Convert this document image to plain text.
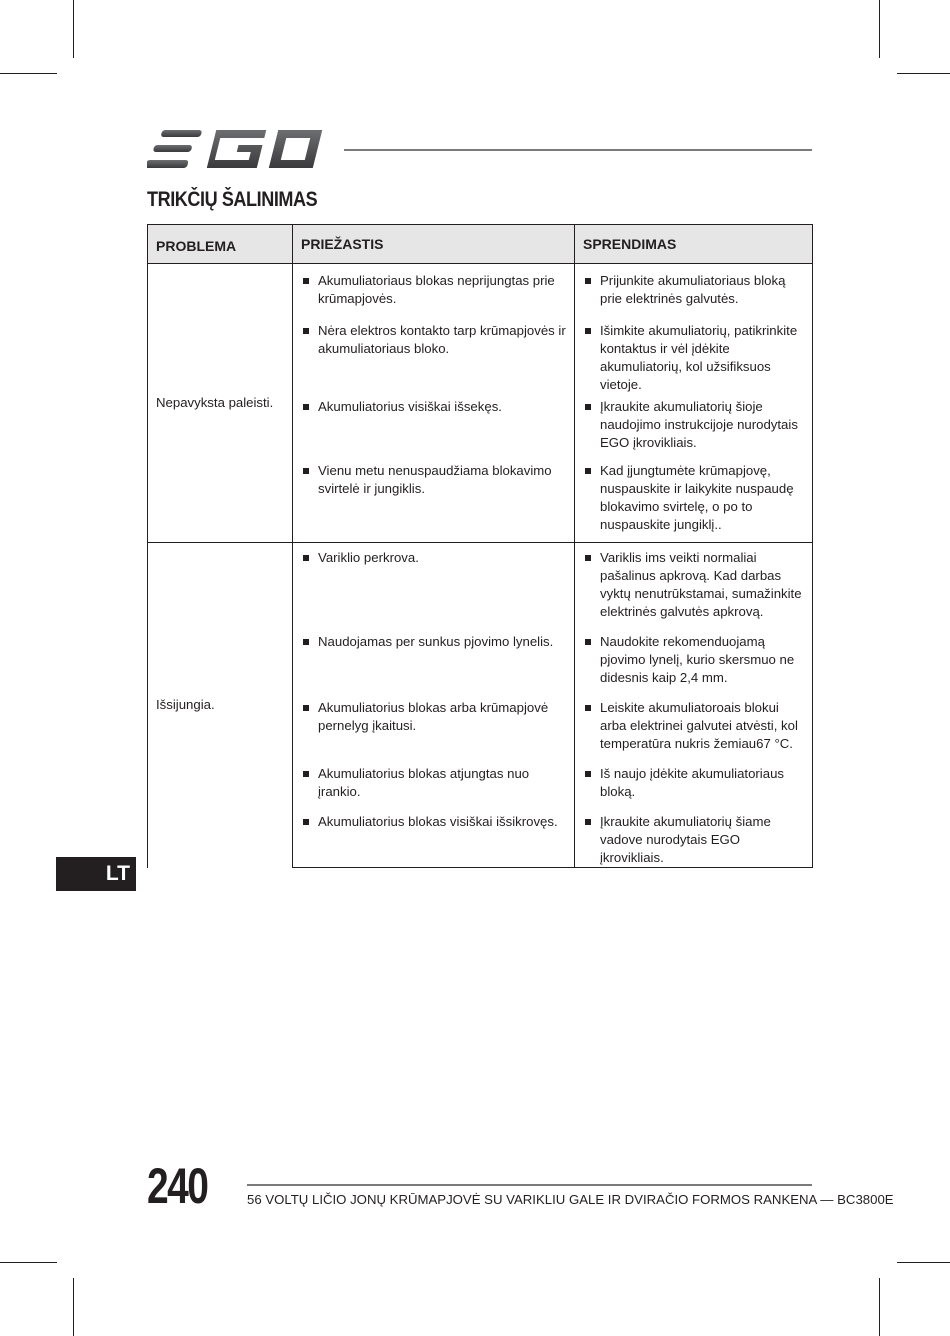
TRIKČIŲ ŠALINIMAS
PROBLEMA	PRIEŽASTIS	SPRENDIMAS
Nepavyksta paleisti.	Akumuliatoriaus blokas neprijungtas prie krūmapjovės.	Prijunkite akumuliatoriaus bloką prie elektrinės galvutės.

	Nėra elektros kontakto tarp krūmapjovės ir akumuliatoriaus bloko.	Išimkite akumuliatorių, patikrinkite kontaktus ir vėl įdėkite akumuliatorių, kol užsifiksuos vietoje.

	Akumuliatorius visiškai išsekęs.	Įkraukite akumuliatorių šioje naudojimo instrukcijoje nurodytais EGO įkrovikliais.

	Vienu metu nenuspaudžiama blokavimo svirtelė ir jungiklis.	Kad įjungtumėte krūmapjovę, nuspauskite ir laikykite nuspaudę blokavimo svirtelę, o po to nuspauskite jungiklį..

Išsijungia.	Variklio perkrova.	Variklis ims veikti normaliai pašalinus apkrovą. Kad darbas vyktų nenutrūkstamai, sumažinkite elektrinės galvutės apkrovą.

	Naudojamas per sunkus pjovimo lynelis.	Naudokite rekomenduojamą pjovimo lynelį, kurio skersmuo ne didesnis kaip 2,4 mm.

	Akumuliatorius blokas arba krūmapjovė pernelyg įkaitusi.	Leiskite akumuliatoroais blokui arba elektrinei galvutei atvėsti, kol temperatūra nukris žemiau67 °C.

	Akumuliatorius blokas atjungtas nuo įrankio.	Iš naujo įdėkite akumuliatoriaus bloką.

	Akumuliatorius blokas visiškai išsikrovęs.	Įkraukite akumuliatorių šiame vadove nurodytais EGO įkrovikliais.
LT
240	56 VOLTŲ LIČIO JONŲ KRŪMAPJOVĖ SU VARIKLIU GALE IR DVIRAČIO FORMOS RANKENA — BC3800E
